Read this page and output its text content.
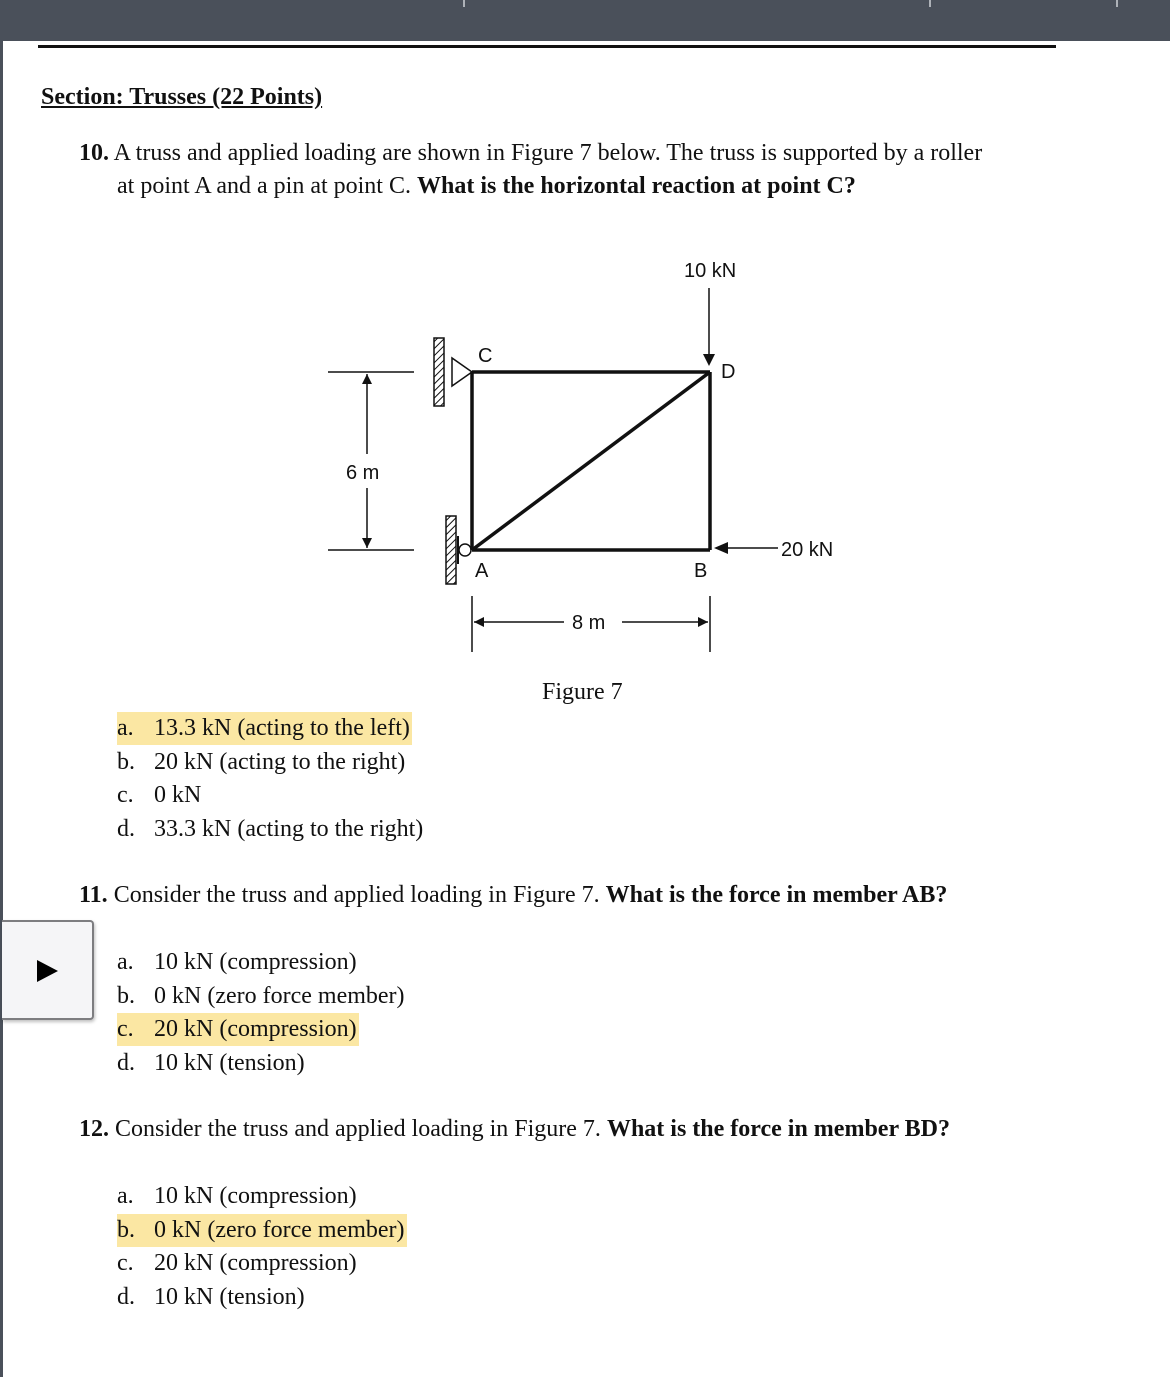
Section: Trusses (22 Points)
10. A truss and applied loading are shown in Figure 7 below. The truss is supported by a roller
at point A and a pin at point C. What is the horizontal reaction at point C?
C
D
A	B
10 kN
20 kN
6 m
8 m
Figure 7
a. 13.3 kN (acting to the left)
b. 20 kN (acting to the right)
c. 0 kN
d. 33.3 kN (acting to the right)
11. Consider the truss and applied loading in Figure 7. What is the force in member AB?
a. 10 kN (compression)
b. 0 kN (zero force member)
c. 20 kN (compression)
d. 10 kN (tension)
12. Consider the truss and applied loading in Figure 7. What is the force in member BD?
a. 10 kN (compression)
b. 0 kN (zero force member)
c. 20 kN (compression)
d. 10 kN (tension)
